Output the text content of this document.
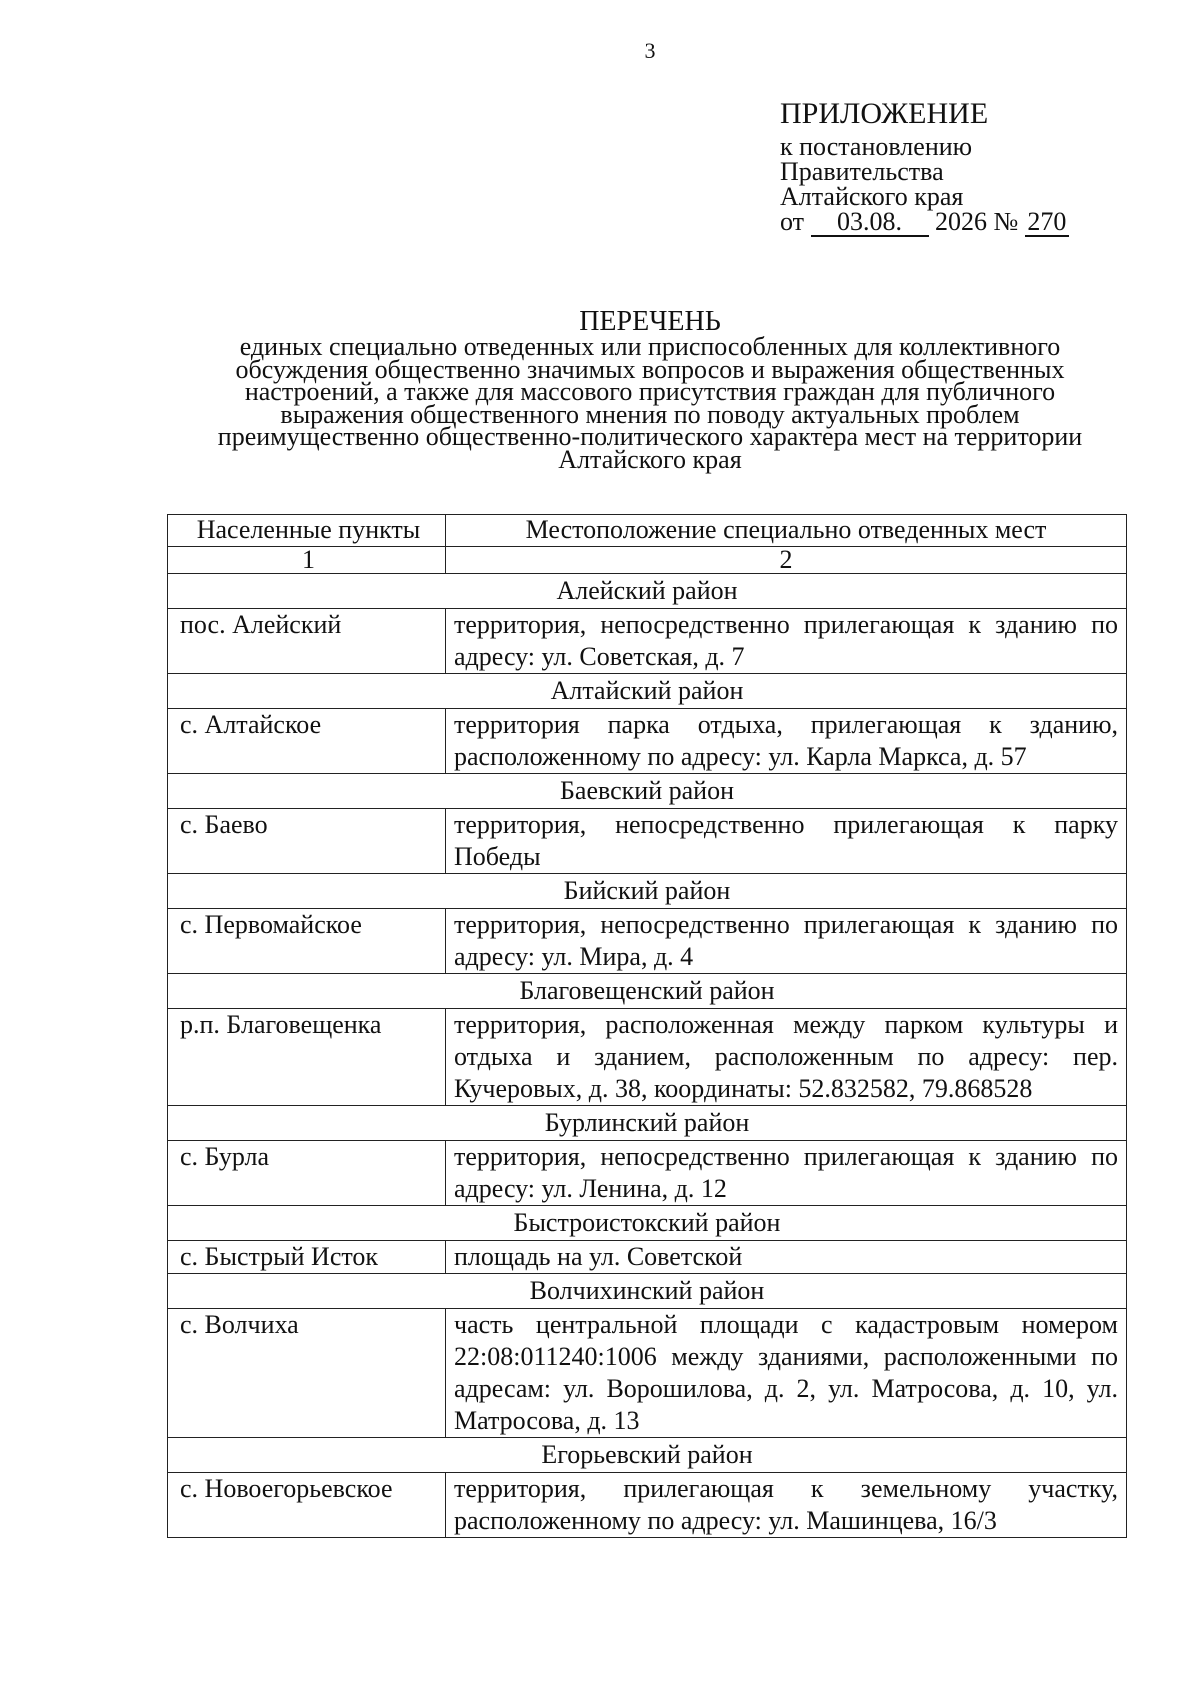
3
ПРИЛОЖЕНИЕ
к постановлению
Правительства
Алтайского края
от 03.08. 2026 № 270
ПЕРЕЧЕНЬ
единых специально отведенных или приспособленных для коллективного
обсуждения общественно значимых вопросов и выражения общественных
настроений, а также для массового присутствия граждан для публичного
выражения общественного мнения по поводу актуальных проблем
преимущественно общественно-политического характера мест на территории
Алтайского края
Населенные пункты	Местоположение специально отведенных мест
1	2
Алейский район	
пос. Алейский	территория, непосредственно прилегающая к зданию по адресу: ул. Советская, д. 7
Алтайский район	
с. Алтайское	территория парка отдыха, прилегающая к зданию, расположенному по адресу: ул. Карла Маркса, д. 57
Баевский район	
с. Баево	территория, непосредственно прилегающая к парку Победы
Бийский район	
с. Первомайское	территория, непосредственно прилегающая к зданию по адресу: ул. Мира, д. 4
Благовещенский район	
р.п. Благовещенка	территория, расположенная между парком культуры и отдыха и зданием, расположенным по адресу: пер. Кучеровых, д. 38, координаты: 52.832582, 79.868528
Бурлинский район	
с. Бурла	территория, непосредственно прилегающая к зданию по адресу: ул. Ленина, д. 12
Быстроистокский район	
с. Быстрый Исток	площадь на ул. Советской
Волчихинский район	
с. Волчиха	часть центральной площади с кадастровым номером 22:08:011240:1006 между зданиями, расположенными по адресам: ул. Ворошилова, д. 2, ул. Матросова, д. 10, ул. Матросова, д. 13
Егорьевский район	
с. Новоегорьевское	территория, прилегающая к земельному участку, расположенному по адресу: ул. Машинцева, 16/3
